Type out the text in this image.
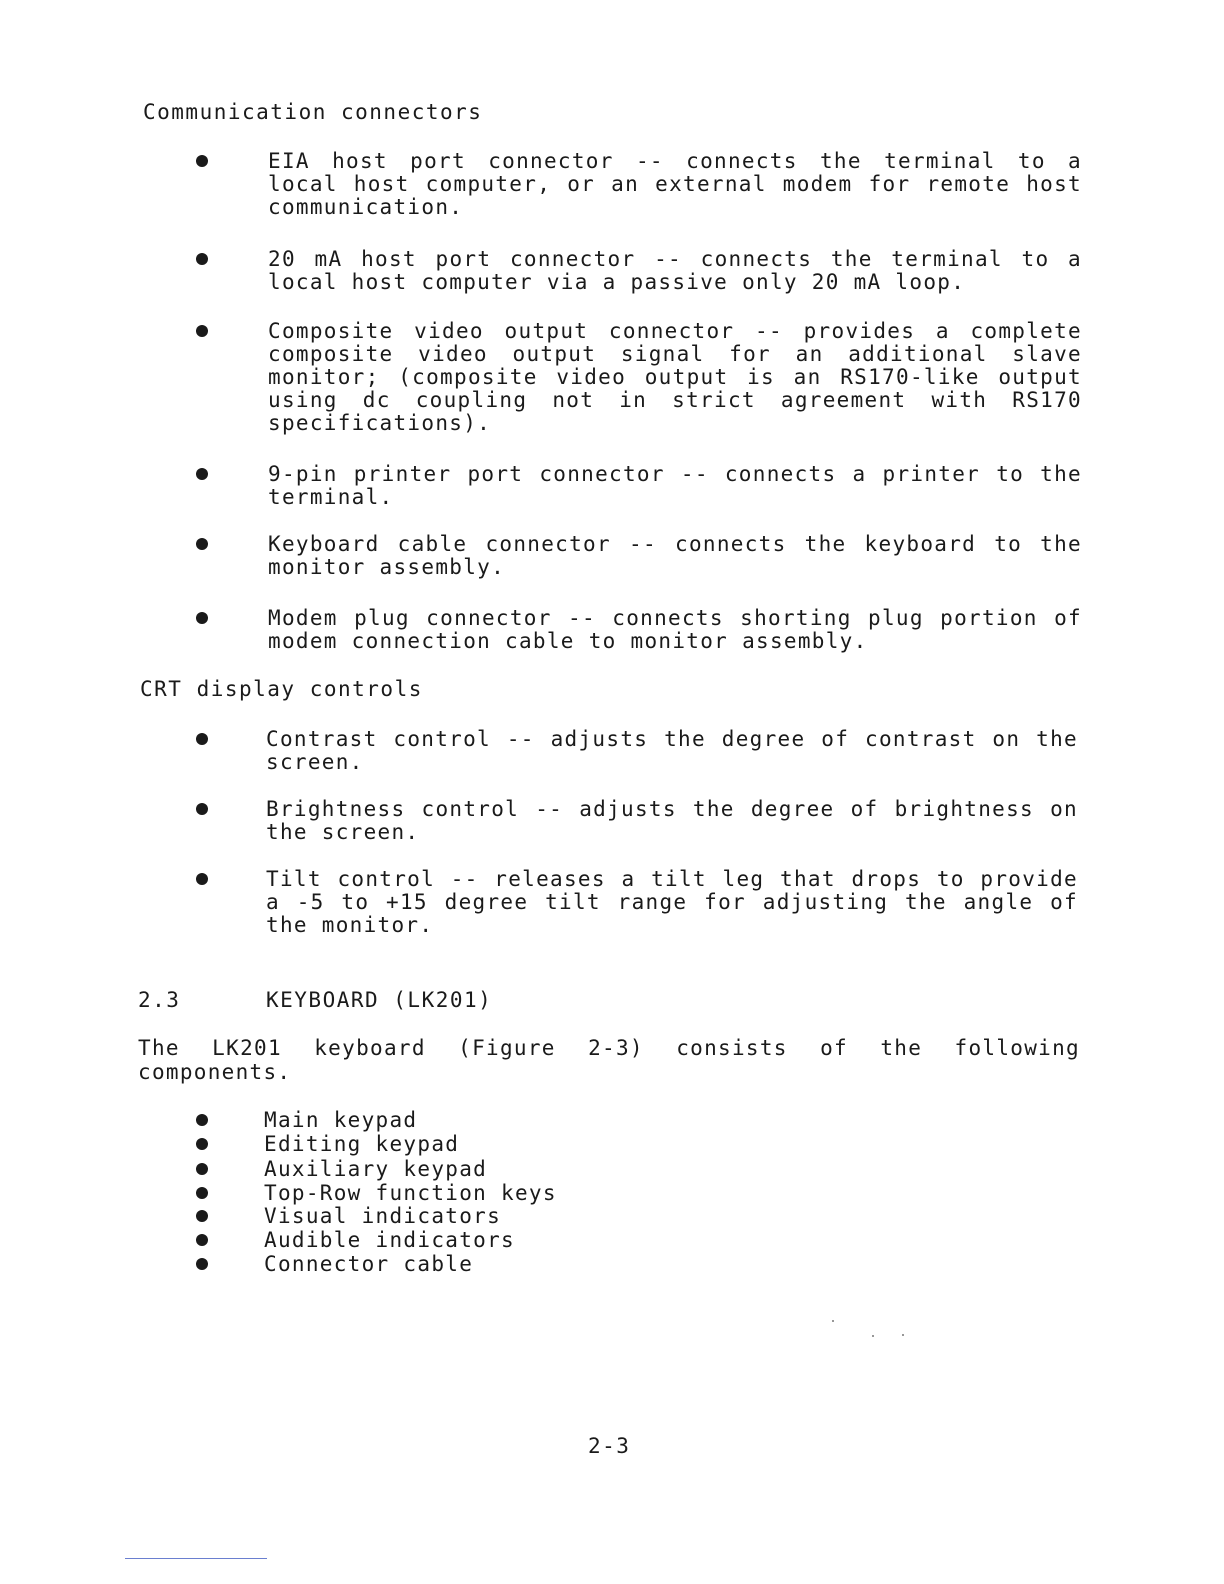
Communication connectors
EIA host port connector -- connects the terminal to a local host computer, or an external modem for remote host communication.
20 mA host port connector -- connects the terminal to a local host computer via a passive only 20 mA loop.
Composite video output connector -- provides a complete composite video output signal for an additional slave monitor; (composite video output is an RS170-like output using dc coupling not in strict agreement with RS170 specifications).
9-pin printer port connector -- connects a printer to the terminal.
Keyboard cable connector -- connects the keyboard to the monitor assembly.
Modem plug connector -- connects shorting plug portion of modem connection cable to monitor assembly.
CRT display controls
Contrast control -- adjusts the degree of contrast on the screen.
Brightness control -- adjusts the degree of brightness on the screen.
Tilt control -- releases a tilt leg that drops to provide a -5 to +15 degree tilt range for adjusting the angle of the monitor.
2.3	KEYBOARD (LK201)
The LK201 keyboard (Figure 2-3) consists of the following components.
Main keypad
Editing keypad
Auxiliary keypad
Top-Row function keys
Visual indicators
Audible indicators
Connector cable
2-3
